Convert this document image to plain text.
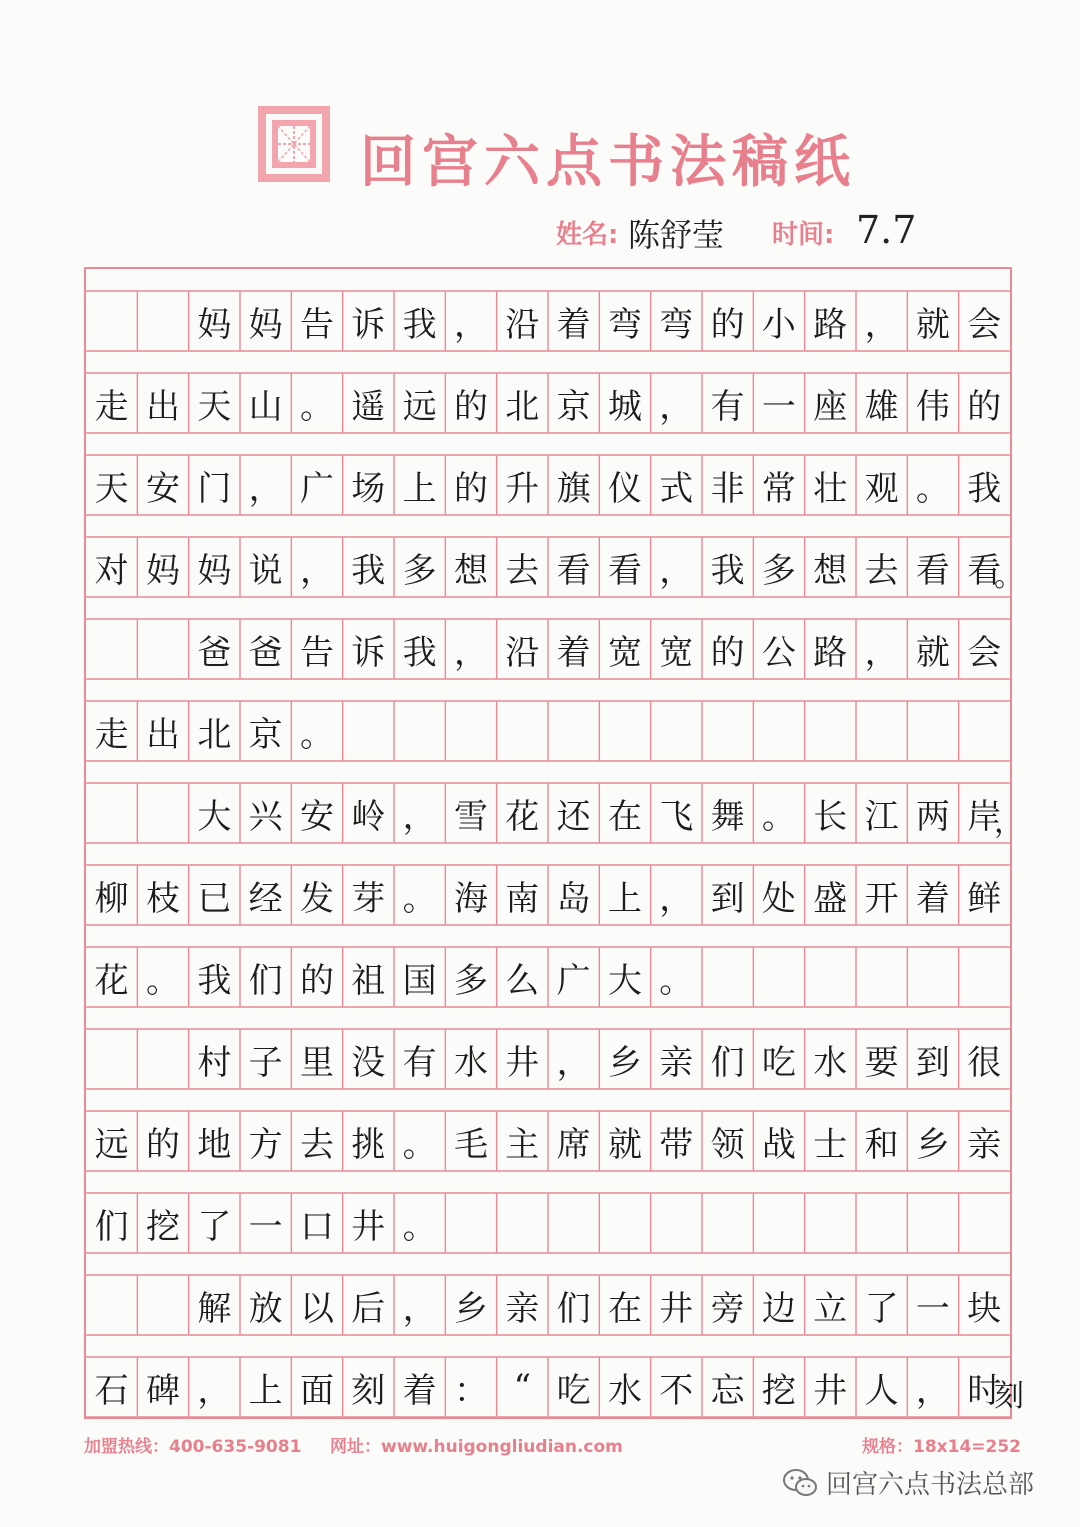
回宫六点书法稿纸
姓名: 陈舒莹 时间: 7.7
妈 妈 告 诉 我 ， 沿 着 弯 弯 的 小 路 ， 就 会
走 出 天 山 。 遥 远 的 北 京 城 ， 有 一 座 雄 伟 的
天 安 门 ， 广 场 上 的 升 旗 仪 式 非 常 壮 观 。 我
对 妈 妈 说 ， 我 多 想 去 看 看 ， 我 多 想 去 看 看
。
爸 爸 告 诉 我 ， 沿 着 宽 宽 的 公 路 ， 就 会
走 出 北 京 。
大 兴 安 岭 ， 雪 花 还 在 飞 舞 。 长 江 两 岸
，
柳 枝 已 经 发 芽 。 海 南 岛 上 ， 到 处 盛 开 着 鲜
花 。 我 们 的 祖 国 多 么 广 大 。
村 子 里 没 有 水 井 ， 乡 亲 们 吃 水 要 到 很
远 的 地 方 去 挑 。 毛 主 席 就 带 领 战 士 和 乡 亲
们 挖 了 一 口 井 。
解 放 以 后 ， 乡 亲 们 在 井 旁 边 立 了 一 块
石 碑 ， 上 面 刻 着 ： “ 吃 水 不 忘 挖 井 人 ， 时
刻
加盟热线：400-635-9081 网址：www.huigongliudian.com	规格：18x14=252
回宫六点书法总部
